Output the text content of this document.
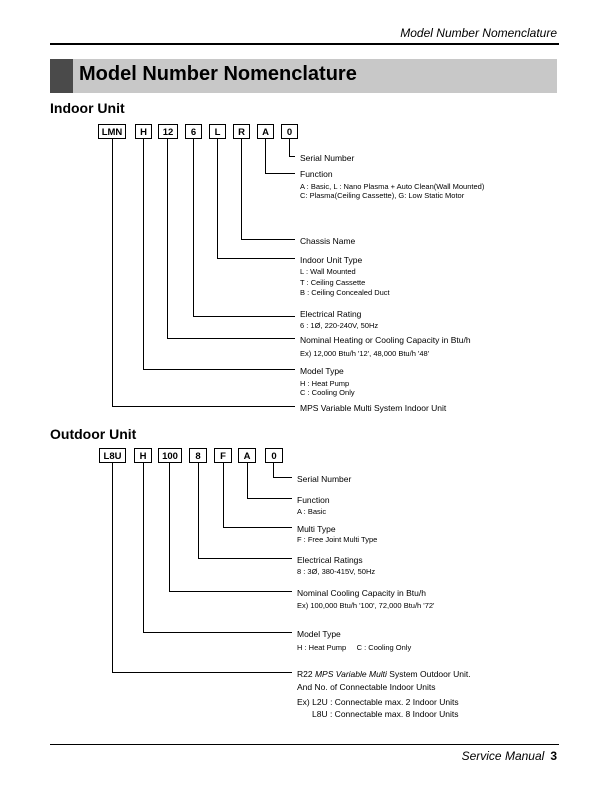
Model Number Nomenclature
Model Number Nomenclature
Indoor Unit
LMN	H	12	6	L	R	A	0
Serial Number
Function
A : Basic, L : Nano Plasma + Auto Clean(Wall Mounted)
C: Plasma(Ceiling Cassette), G: Low Static Motor
Chassis Name
Indoor Unit Type
L : Wall Mounted
T : Ceiling Cassette
B : Ceiling Concealed Duct
Electrical Rating
6 : 1Ø, 220-240V, 50Hz
Nominal Heating or Cooling Capacity in Btu/h
Ex) 12,000 Btu/h '12', 48,000 Btu/h '48'
Model Type
H : Heat Pump
C : Cooling Only
MPS Variable Multi System Indoor Unit
Outdoor Unit
L8U	H	100	8	F	A	0
Serial Number
Function
A : Basic
Multi Type
F : Free Joint Multi Type
Electrical Ratings
8 : 3Ø, 380-415V, 50Hz
Nominal Cooling Capacity in Btu/h
Ex) 100,000 Btu/h '100', 72,000 Btu/h '72'
Model Type
H : Heat Pump     C : Cooling Only
R22 MPS Variable Multi System Outdoor Unit.
And No. of Connectable Indoor Units
Ex) L2U : Connectable max. 2 Indoor Units
L8U : Connectable max. 8 Indoor Units
Service Manual 3
